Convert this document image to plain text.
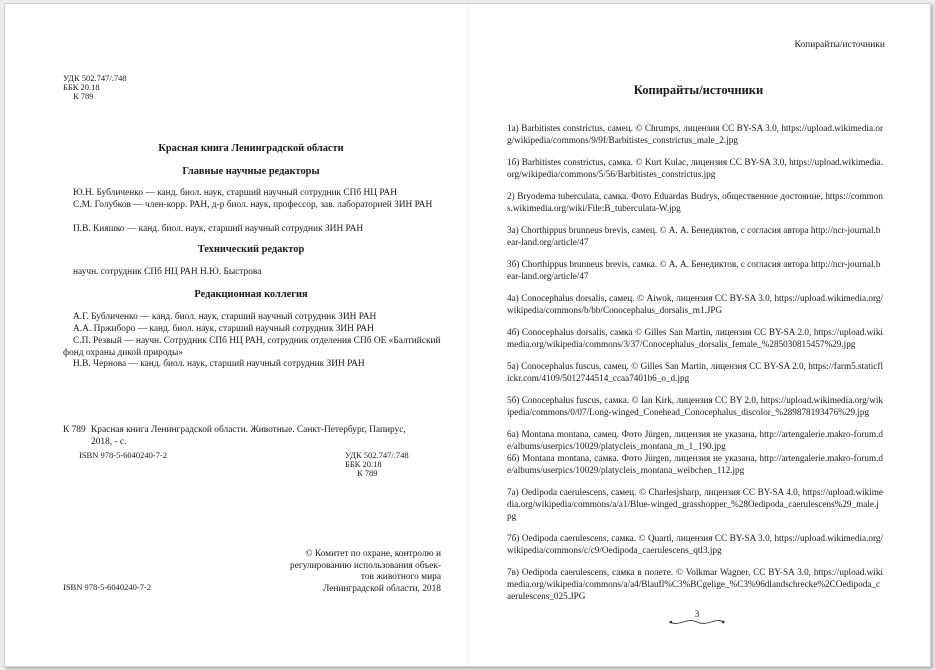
УДК 502.747/.748
ББК 20.18
К 789
Красная книга Ленинградской области
Главные научные редакторы
Ю.Н. Бубличенко — канд. биол. наук, старший научный сотрудник СПб НЦ РАН
С.М. Голубков — член-корр. РАН, д-р биол. наук, профессор, зав. лабораторией ЗИН РАН
П.В. Кияшко — канд. биол. наук, старший научный сотрудник ЗИН РАН
Технический редактор
научн. сотрудник СПб НЦ РАН Н.Ю. Быстрова
Редакционная коллегия
А.Г. Бубличенко — канд. биол. наук, старший научный сотрудник ЗИН РАН
А.А. Пржиборо — канд. биол. наук, старший научный сотрудник ЗИН РАН
С.П. Резвый — научн. Сотрудник СПб НЦ РАН, сотрудник отделения СПб ОЕ «Балтийский фонд охраны дикой природы»
Н.В. Чернова — канд. биол. наук, старший научный сотрудник ЗИН РАН
К 789 Красная книга Ленинградской области. Животные. Санкт-Петербург, Папирус, 2018, - с.
ISBN 978-5-6040240-7-2	УДК 502.747/.748
ББК 20.18
К 789
© Комитет по охране, контролю и
регулированию использования объек-
тов животного мира
Ленинградской области, 2018
ISBN 978-5-6040240-7-2
Копирайты/источники
Копирайты/источники

1а) Barbitistes constrictus, самец. © Chrumps, лицензия CC BY-SA 3.0, https://upload.wikimedia.org/wikipedia/commons/9/9f/Barbitistes_constrictus_male_2.jpg

1б) Barbitistes constrictus, самка. © Kurt Kulac, лицензия CC BY-SA 3.0, https://upload.wikimedia.org/wikipedia/commons/5/56/Barbitistes_constrictus.jpg

2) Bryodema tuberculata, самка. Фото Eduardas Budrys, общественное достояние, https://commons.wikimedia.org/wiki/File:B_tuberculata-W.jpg

3а) Chorthippus brunneus brevis, самец. © А. А. Бенедиктов, с согласия автора http://ncr-journal.bear-land.org/article/47

3б) Chorthippus brunneus brevis, самка. © А. А. Бенедиктов, с согласия автора http://ncr-journal.bear-land.org/article/47

4а) Conocephalus dorsalis, самец. © Aiwok, лицензия CC BY-SA 3.0, https://upload.wikimedia.org/wikipedia/commons/b/bb/Conocephalus_dorsalis_m1.JPG

4б) Conocephalus dorsalis, самка © Gilles San Martin, лицензия CC BY-SA 2.0, https://upload.wikimedia.org/wikipedia/commons/3/37/Conocephalus_dorsalis_female_%285030815457%29.jpg

5а) Conocephalus fuscus, самец. © Gilles San Martin, лицензия CC BY-SA 2.0, https://farm5.staticflickr.com/4109/5012744514_ccaa7401b6_o_d.jpg

5б) Conocephalus fuscus, самка. © Ian Kirk, лицензия CC BY 2.0, https://upload.wikimedia.org/wikipedia/commons/0/07/Long-winged_Conehead_Conocephalus_discolor_%289878193476%29.jpg

6а) Montana montana, самец. Фото Jürgen, лицензия не указана, http://artengalerie.makro-forum.de/albums/userpics/10029/platycleis_montana_m_1_190.jpg

6б) Montana montana, самка. Фото Jürgen, лицензия не указана, http://artengalerie.makro-forum.de/albums/userpics/10029/platycleis_montana_weibchen_112.jpg

7а) Oedipoda caerulescens, самец. © Charlesjsharp, лицензия CC BY-SA 4.0, https://upload.wikimedia.org/wikipedia/commons/a/a1/Blue-winged_grasshopper_%28Oedipoda_caerulescens%29_male.jpg

7б) Oedipoda caerulescens, самка. © Quartl, лицензия CC BY-SA 3.0, https://upload.wikimedia.org/wikipedia/commons/c/c9/Oedipoda_caerulescens_qtl3.jpg

7в) Oedipoda caerulescens, самка в полете. © Volkmar Wagner, CC BY-SA 3.0, https://upload.wikimedia.org/wikipedia/commons/a/a4/Blaufl%C3%BCgelige_%C3%96dlandschrecke%2COedipoda_caerulescens_025.JPG

3
